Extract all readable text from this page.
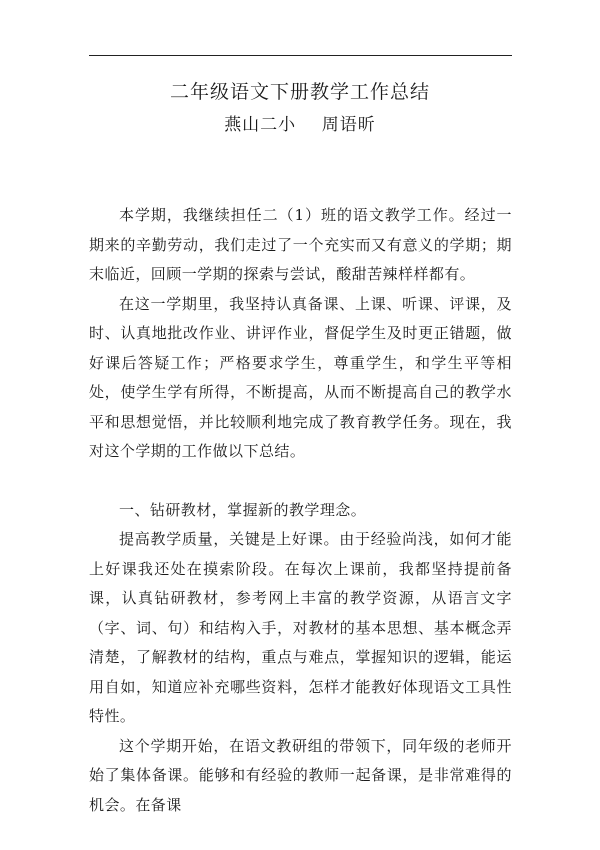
二年级语文下册教学工作总结
燕山二小    周语昕

本学期，我继续担任二（1）班的语文教学工作。经过一期来的辛勤劳动，我们走过了一个充实而又有意义的学期；期末临近，回顾一学期的探索与尝试，酸甜苦辣样样都有。

在这一学期里，我坚持认真备课、上课、听课、评课，及时、认真地批改作业、讲评作业，督促学生及时更正错题，做好课后答疑工作；严格要求学生，尊重学生，和学生平等相处，使学生学有所得，不断提高，从而不断提高自己的教学水平和思想觉悟，并比较顺利地完成了教育教学任务。现在，我对这个学期的工作做以下总结。

一、钻研教材，掌握新的教学理念。

提高教学质量，关键是上好课。由于经验尚浅，如何才能上好课我还处在摸索阶段。在每次上课前，我都坚持提前备课，认真钻研教材，参考网上丰富的教学资源，从语言文字（字、词、句）和结构入手，对教材的基本思想、基本概念弄清楚，了解教材的结构，重点与难点，掌握知识的逻辑，能运用自如，知道应补充哪些资料，怎样才能教好体现语文工具性特性。

这个学期开始，在语文教研组的带领下，同年级的老师开始了集体备课。能够和有经验的教师一起备课，是非常难得的机会。在备课
